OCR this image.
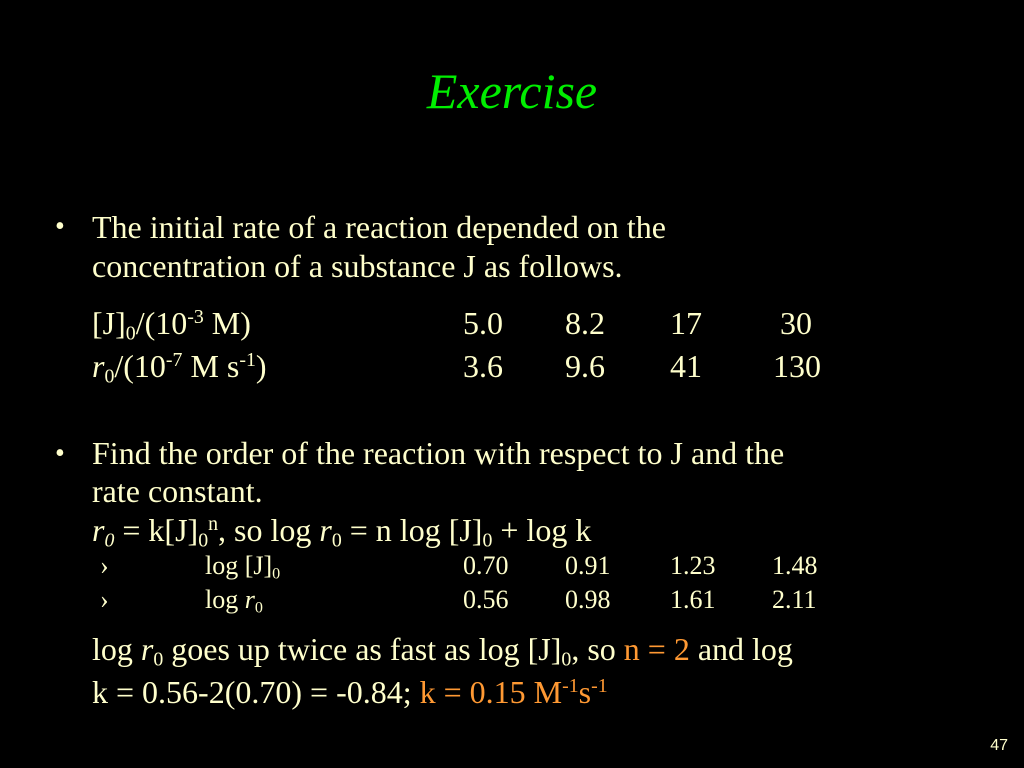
Exercise
• The initial rate of a reaction depended on the
concentration of a substance J as follows.
$[J]_0/(10^{-3}$ M)	5.0 8.2 17 30
$r_0/(10^{-7}$ M $s^{-1}$)	3.6 9.6 41 130
• Find the order of the reaction with respect to J and the
rate constant.
$r_0 = k[J]_0^n$, so $\log r_0 = n$ $\log [J]_0 + \log k$
›	$\log [J]_0$	0.70 0.91 1.23 1.48
›	$\log r_0$	0.56 0.98 1.61 2.11
$\log r_0$ goes up twice as fast as $\log [J]_0$, so n = 2 and log
k = 0.56-2(0.70) = -0.84; k = 0.15 $M^{-1}s^{-1}$
47
